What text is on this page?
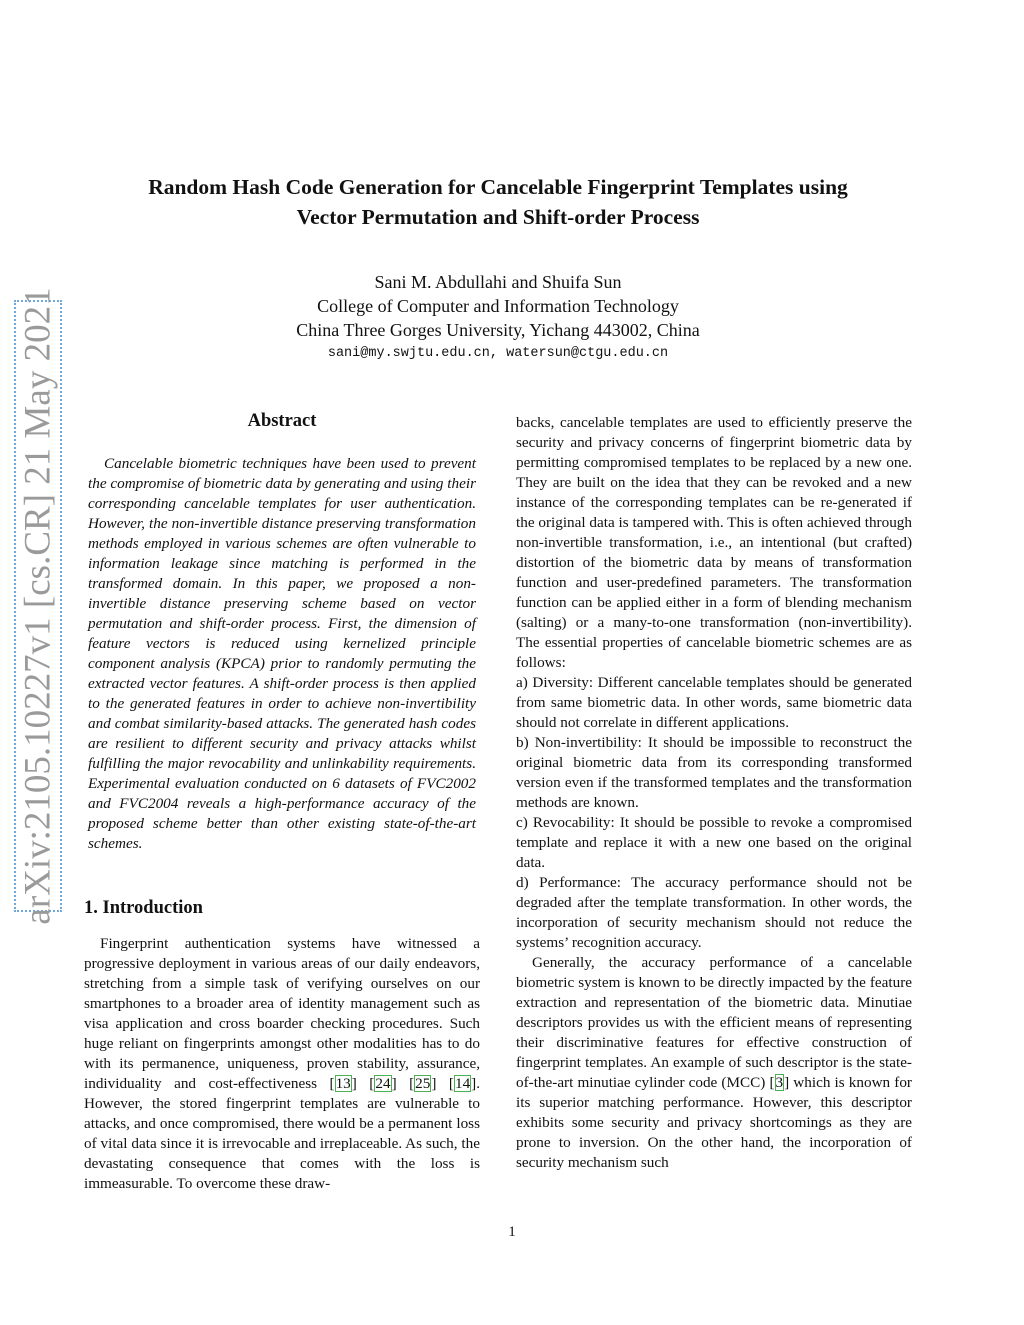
arXiv:2105.10227v1 [cs.CR] 21 May 2021
Random Hash Code Generation for Cancelable Fingerprint Templates using
Vector Permutation and Shift-order Process
Sani M. Abdullahi and Shuifa Sun
College of Computer and Information Technology
China Three Gorges University, Yichang 443002, China
sani@my.swjtu.edu.cn, watersun@ctgu.edu.cn
Abstract

Cancelable biometric techniques have been used to prevent the compromise of biometric data by generating and using their corresponding cancelable templates for user authentication. However, the non-invertible distance preserving transformation methods employed in various schemes are often vulnerable to information leakage since matching is performed in the transformed domain. In this paper, we proposed a non-invertible distance preserving scheme based on vector permutation and shift-order process. First, the dimension of feature vectors is reduced using kernelized principle component analysis (KPCA) prior to randomly permuting the extracted vector features. A shift-order process is then applied to the generated features in order to achieve non-invertibility and combat similarity-based attacks. The generated hash codes are resilient to different security and privacy attacks whilst fulfilling the major revocability and unlinkability requirements. Experimental evaluation conducted on 6 datasets of FVC2002 and FVC2004 reveals a high-performance accuracy of the proposed scheme better than other existing state-of-the-art schemes.

1. Introduction

Fingerprint authentication systems have witnessed a progressive deployment in various areas of our daily endeavors, stretching from a simple task of verifying ourselves on our smartphones to a broader area of identity management such as visa application and cross boarder checking procedures. Such huge reliant on fingerprints amongst other modalities has to do with its permanence, uniqueness, proven stability, assurance, individuality and cost-effectiveness [13] [24] [25] [14]. However, the stored fingerprint templates are vulnerable to attacks, and once compromised, there would be a permanent loss of vital data since it is irrevocable and irreplaceable. As such, the devastating consequence that comes with the loss is immeasurable. To overcome these draw-

backs, cancelable templates are used to efficiently preserve the security and privacy concerns of fingerprint biometric data by permitting compromised templates to be replaced by a new one. They are built on the idea that they can be revoked and a new instance of the corresponding templates can be re-generated if the original data is tampered with. This is often achieved through non-invertible transformation, i.e., an intentional (but crafted) distortion of the biometric data by means of transformation function and user-predefined parameters. The transformation function can be applied either in a form of blending mechanism (salting) or a many-to-one transformation (non-invertibility). The essential properties of cancelable biometric schemes are as follows:

a) Diversity: Different cancelable templates should be generated from same biometric data. In other words, same biometric data should not correlate in different applications.

b) Non-invertibility: It should be impossible to reconstruct the original biometric data from its corresponding transformed version even if the transformed templates and the transformation methods are known.

c) Revocability: It should be possible to revoke a compromised template and replace it with a new one based on the original data.

d) Performance: The accuracy performance should not be degraded after the template transformation. In other words, the incorporation of security mechanism should not reduce the systems’ recognition accuracy.

Generally, the accuracy performance of a cancelable biometric system is known to be directly impacted by the feature extraction and representation of the biometric data. Minutiae descriptors provides us with the efficient means of representing their discriminative features for effective construction of fingerprint templates. An example of such descriptor is the state-of-the-art minutiae cylinder code (MCC) [3] which is known for its superior matching performance. However, this descriptor exhibits some security and privacy shortcomings as they are prone to inversion. On the other hand, the incorporation of security mechanism such

1
